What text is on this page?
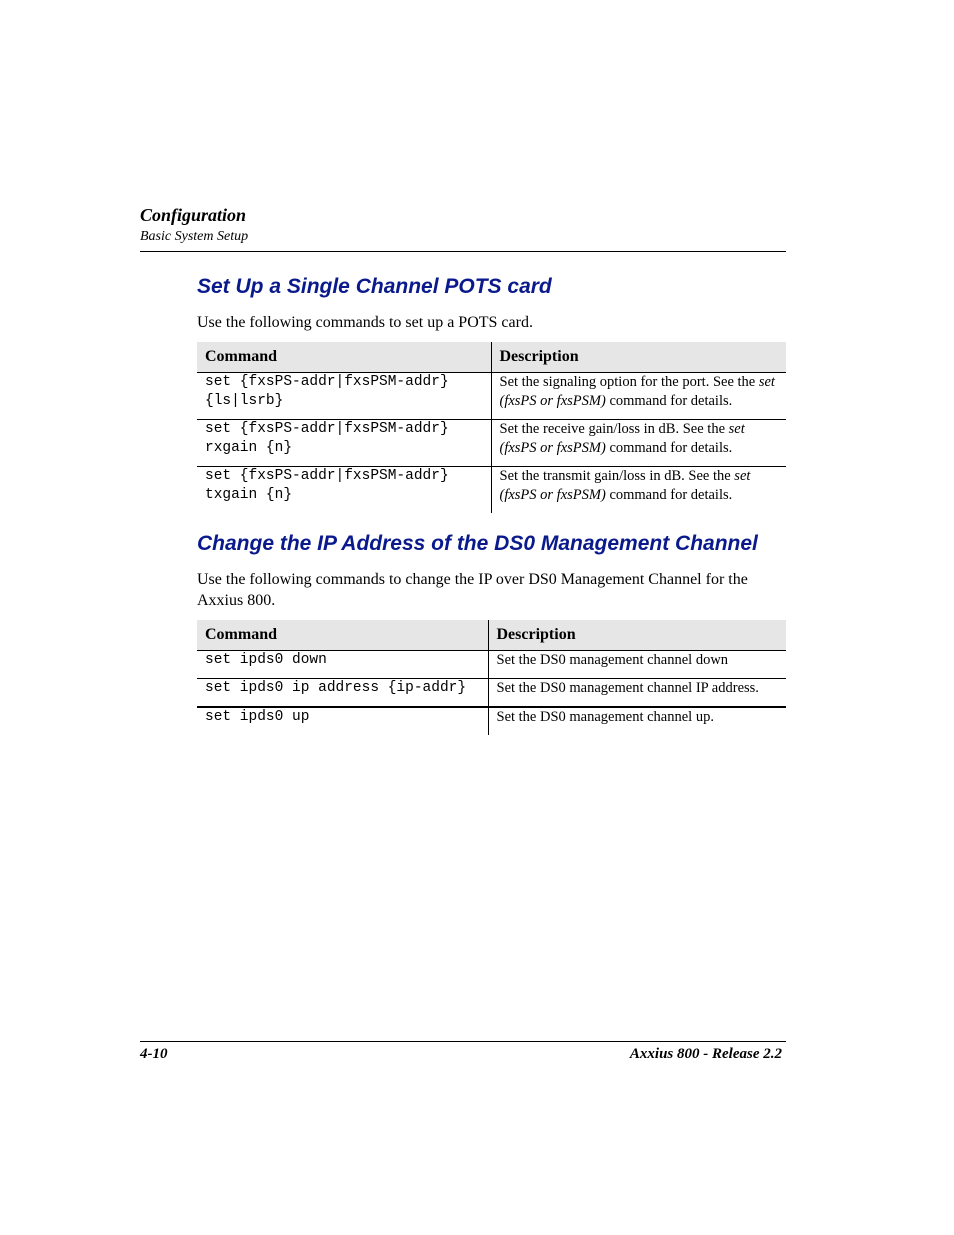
Configuration
Basic System Setup
Set Up a Single Channel POTS card
Use the following commands to set up a POTS card.
Command	Description
set {fxsPS-addr|fxsPSM-addr}
{ls|lsrb}	Set the signaling option for the port. See the set (fxsPS or fxsPSM) command for details.
set {fxsPS-addr|fxsPSM-addr}
rxgain {n}	Set the receive gain/loss in dB. See the set (fxsPS or fxsPSM) command for details.
set {fxsPS-addr|fxsPSM-addr}
txgain {n}	Set the transmit gain/loss in dB. See the set (fxsPS or fxsPSM) command for details.
Change the IP Address of the DS0 Management Channel
Use the following commands to change the IP over DS0 Management Channel for the Axxius 800.
Command	Description
set ipds0 down	Set the DS0 management channel down
set ipds0 ip address {ip-addr}	Set the DS0 management channel IP address.
set ipds0 up	Set the DS0 management channel up.
4-10	Axxius 800 - Release 2.2
